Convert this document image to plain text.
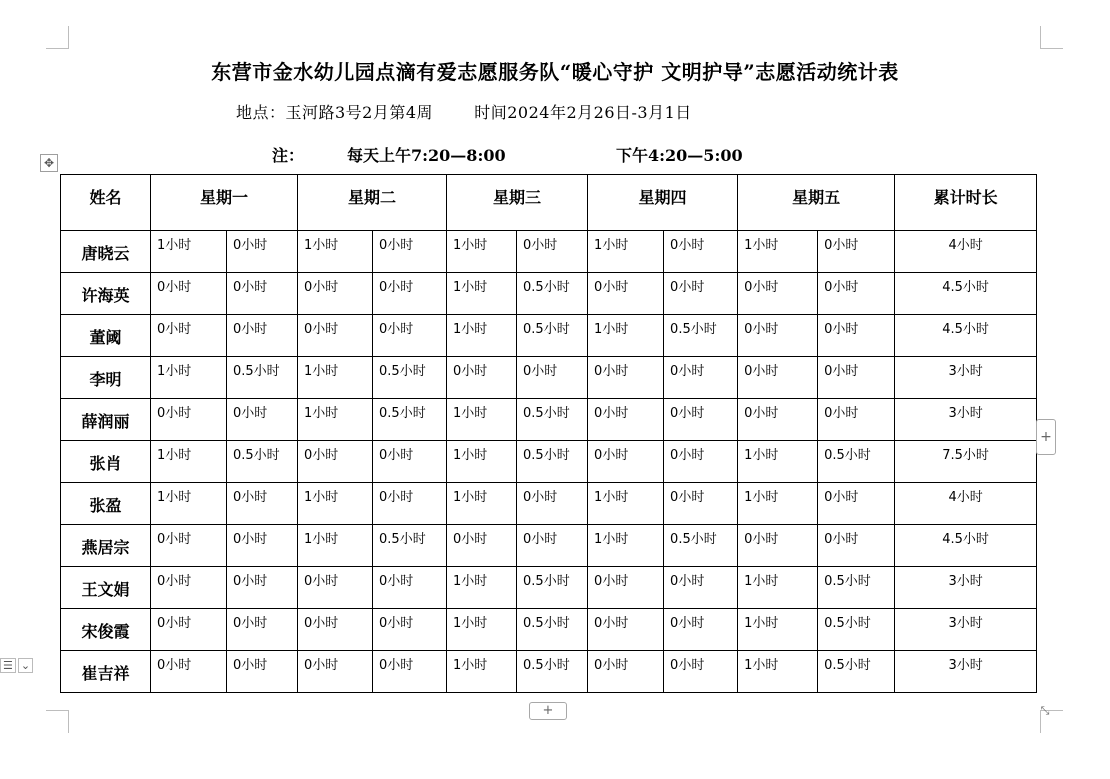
东营市金水幼儿园点滴有爱志愿服务队“暖心守护 文明护导”志愿活动统计表
地点：玉河路3号2月第4周	时间2024年2月26日-3月1日
注：	每天上午7:20—8:00	下午4:20—5:00
✥
姓名	星期一		星期二		星期三		星期四		星期五		累计时长
唐晓云	1小时	0小时	1小时	0小时	1小时	0小时	1小时	0小时	1小时	0小时	4小时
许海英	0小时	0小时	0小时	0小时	1小时	0.5小时	0小时	0小时	0小时	0小时	4.5小时
董阈	0小时	0小时	0小时	0小时	1小时	0.5小时	1小时	0.5小时	0小时	0小时	4.5小时
李明	1小时	0.5小时	1小时	0.5小时	0小时	0小时	0小时	0小时	0小时	0小时	3小时
薛润丽	0小时	0小时	1小时	0.5小时	1小时	0.5小时	0小时	0小时	0小时	0小时	3小时
张肖	1小时	0.5小时	0小时	0小时	1小时	0.5小时	0小时	0小时	1小时	0.5小时	7.5小时
张盈	1小时	0小时	1小时	0小时	1小时	0小时	1小时	0小时	1小时	0小时	4小时
燕居宗	0小时	0小时	1小时	0.5小时	0小时	0小时	1小时	0.5小时	0小时	0小时	4.5小时
王文娟	0小时	0小时	0小时	0小时	1小时	0.5小时	0小时	0小时	1小时	0.5小时	3小时
宋俊霞	0小时	0小时	0小时	0小时	1小时	0.5小时	0小时	0小时	1小时	0.5小时	3小时
崔吉祥	0小时	0小时	0小时	0小时	1小时	0.5小时	0小时	0小时	1小时	0.5小时	3小时
+
+	⤡
☰ ⌄
